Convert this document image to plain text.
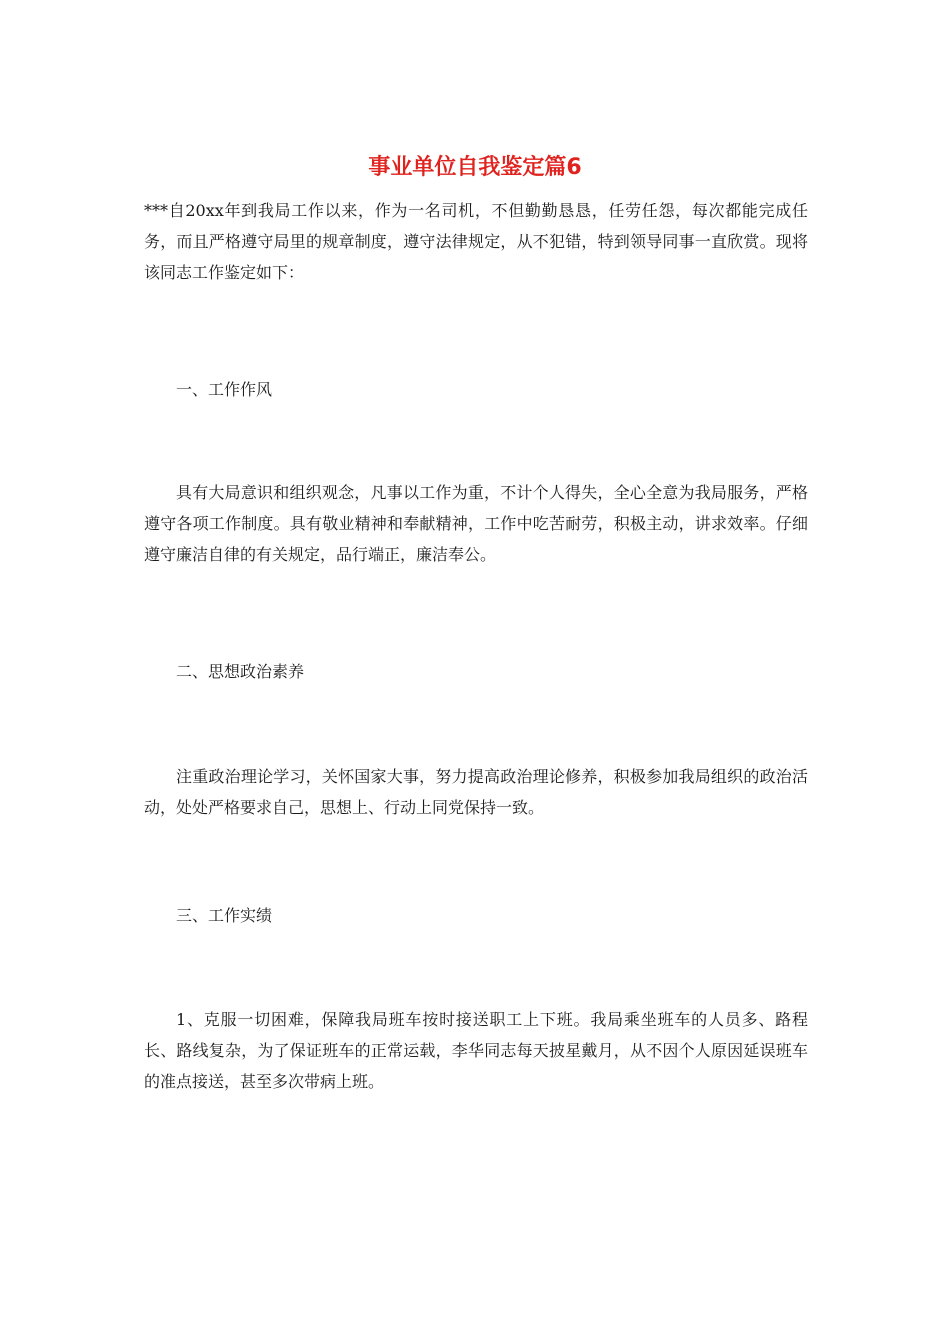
事业单位自我鉴定篇6

***自20xx年到我局工作以来，作为一名司机，不但勤勤恳恳，任劳任怨，每次都能完成任务，而且严格遵守局里的规章制度，遵守法律规定，从不犯错，特到领导同事一直欣赏。现将该同志工作鉴定如下：

一、工作作风

具有大局意识和组织观念，凡事以工作为重，不计个人得失，全心全意为我局服务，严格遵守各项工作制度。具有敬业精神和奉献精神，工作中吃苦耐劳，积极主动，讲求效率。仔细遵守廉洁自律的有关规定，品行端正，廉洁奉公。

二、思想政治素养

注重政治理论学习，关怀国家大事，努力提高政治理论修养，积极参加我局组织的政治活动，处处严格要求自己，思想上、行动上同党保持一致。

三、工作实绩

1、克服一切困难，保障我局班车按时接送职工上下班。我局乘坐班车的人员多、路程长、路线复杂，为了保证班车的正常运载，李华同志每天披星戴月，从不因个人原因延误班车的准点接送，甚至多次带病上班。
